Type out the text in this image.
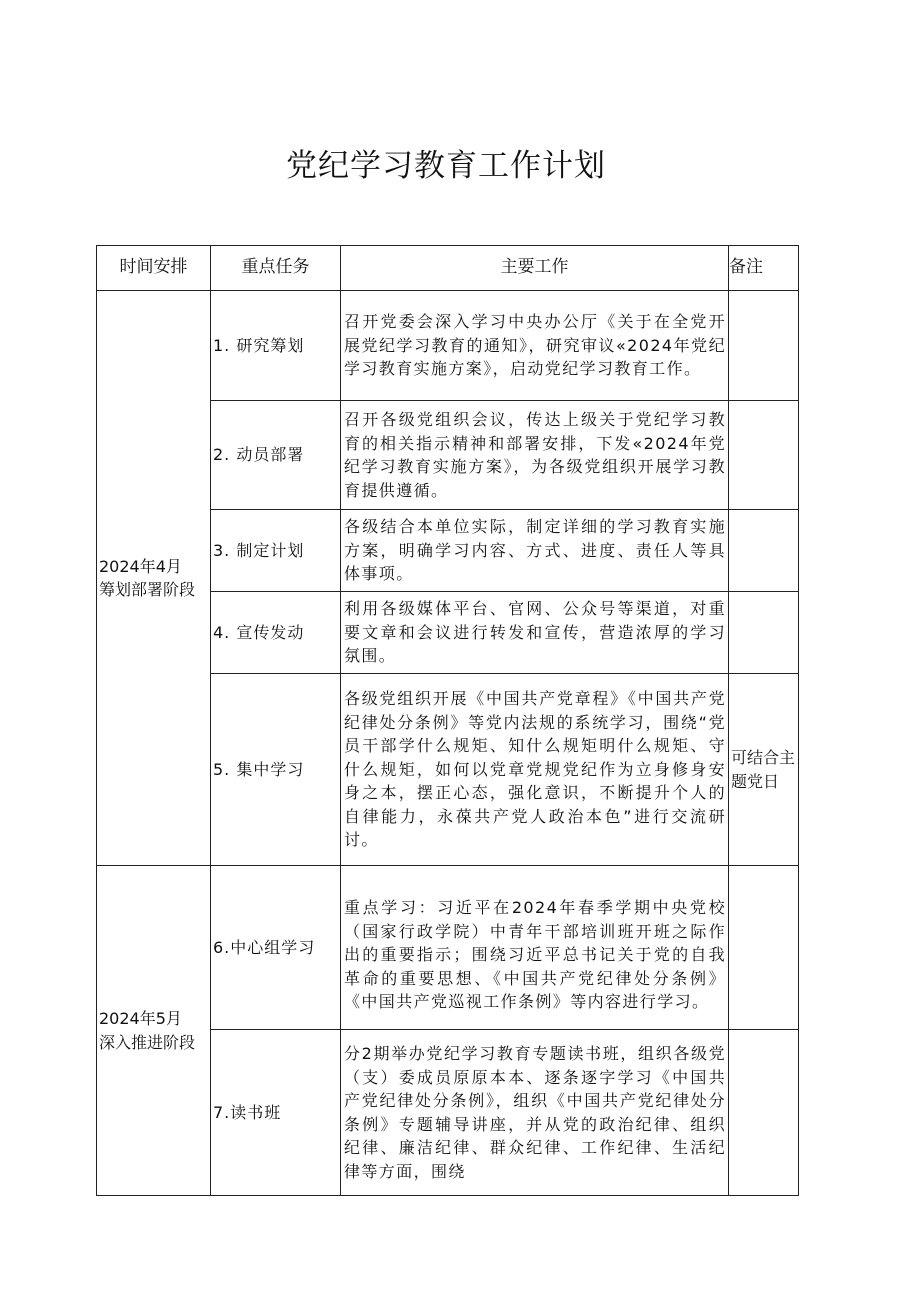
党纪学习教育工作计划
时间安排	重点任务	主要工作	备注

2024年4月
筹划部署阶段	1. 研究筹划	召开党委会深入学习中央办公厅《关于在全党开展党纪学习教育的通知》，研究审议«2024年党纪学习教育实施方案》，启动党纪学习教育工作。	
	2. 动员部署	召开各级党组织会议，传达上级关于党纪学习教育的相关指示精神和部署安排，下发«2024年党纪学习教育实施方案》，为各级党组织开展学习教育提供遵循。	
	3. 制定计划	各级结合本单位实际，制定详细的学习教育实施方案，明确学习内容、方式、进度、责任人等具体事项。	
	4. 宣传发动	利用各级媒体平台、官网、公众号等渠道，对重要文章和会议进行转发和宣传，营造浓厚的学习氛围。	
	5. 集中学习	各级党组织开展《中国共产党章程》《中国共产党纪律处分条例》等党内法规的系统学习，围绕“党员干部学什么规矩、知什么规矩明什么规矩、守什么规矩，如何以党章党规党纪作为立身修身安身之本，摆正心态，强化意识，不断提升个人的自律能力，永葆共产党人政治本色”进行交流研讨。	可结合主题党日

2024年5月
深入推进阶段	6.中心组学习	重点学习：习近平在2024年春季学期中央党校（国家行政学院）中青年干部培训班开班之际作出的重要指示；围绕习近平总书记关于党的自我革命的重要思想、《中国共产党纪律处分条例》《中国共产党巡视工作条例》等内容进行学习。	
	7.读书班	分2期举办党纪学习教育专题读书班，组织各级党（支）委成员原原本本、逐条逐字学习《中国共产党纪律处分条例》，组织《中国共产党纪律处分条例》专题辅导讲座，并从党的政治纪律、组织纪律、廉洁纪律、群众纪律、工作纪律、生活纪律等方面，围绕	
